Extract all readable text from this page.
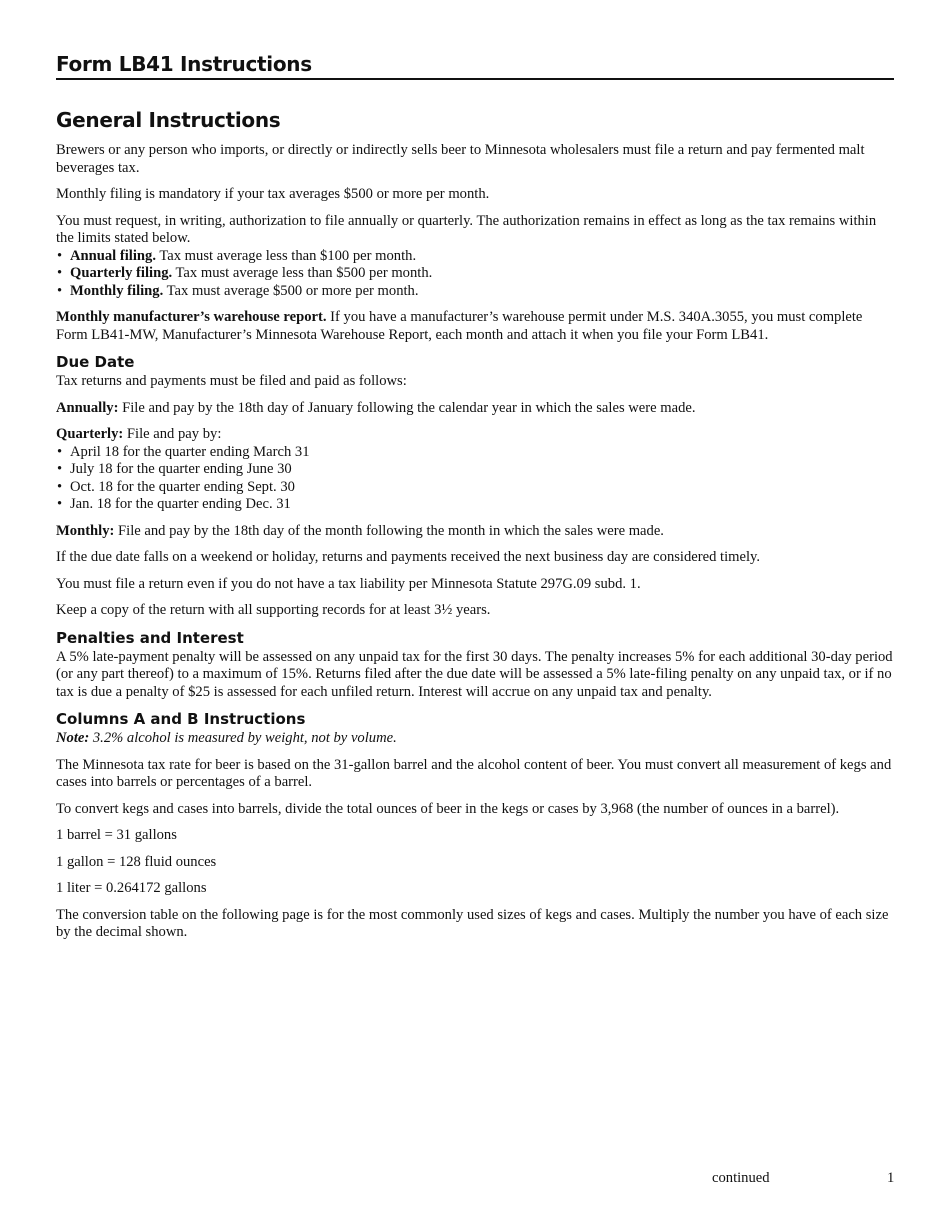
Form LB41 Instructions
General Instructions

Brewers or any person who imports, or directly or indirectly sells beer to Minnesota wholesalers must file a return and pay fermented malt beverages tax.

Monthly filing is mandatory if your tax averages $500 or more per month.

You must request, in writing, authorization to file annually or quarterly. The authorization remains in effect as long as the tax remains within the limits stated below.

• Annual filing. Tax must average less than $100 per month.
• Quarterly filing. Tax must average less than $500 per month.
• Monthly filing. Tax must average $500 or more per month.

Monthly manufacturer’s warehouse report. If you have a manufacturer’s warehouse permit under M.S. 340A.3055, you must complete Form LB41-MW, Manufacturer’s Minnesota Warehouse Report, each month and attach it when you file your Form LB41.

Due Date

Tax returns and payments must be filed and paid as follows:

Annually: File and pay by the 18th day of January following the calendar year in which the sales were made.

Quarterly: File and pay by:

• April 18 for the quarter ending March 31
• July 18 for the quarter ending June 30
• Oct. 18 for the quarter ending Sept. 30
• Jan. 18 for the quarter ending Dec. 31

Monthly: File and pay by the 18th day of the month following the month in which the sales were made.

If the due date falls on a weekend or holiday, returns and payments received the next business day are considered timely.

You must file a return even if you do not have a tax liability per Minnesota Statute 297G.09 subd. 1.

Keep a copy of the return with all supporting records for at least 3½ years.

Penalties and Interest

A 5% late-payment penalty will be assessed on any unpaid tax for the first 30 days. The penalty increases 5% for each additional 30-day period (or any part thereof) to a maximum of 15%. Returns filed after the due date will be assessed a 5% late-filing penalty on any unpaid tax, or if no tax is due a penalty of $25 is assessed for each unfiled return. Interest will accrue on any unpaid tax and penalty.

Columns A and B Instructions

Note: 3.2% alcohol is measured by weight, not by volume.

The Minnesota tax rate for beer is based on the 31-gallon barrel and the alcohol content of beer. You must convert all measurement of kegs and cases into barrels or percentages of a barrel.

To convert kegs and cases into barrels, divide the total ounces of beer in the kegs or cases by 3,968 (the number of ounces in a barrel).

1 barrel = 31 gallons

1 gallon = 128 fluid ounces

1 liter = 0.264172 gallons

The conversion table on the following page is for the most commonly used sizes of kegs and cases. Multiply the number you have of each size by the decimal shown.

continued	1
